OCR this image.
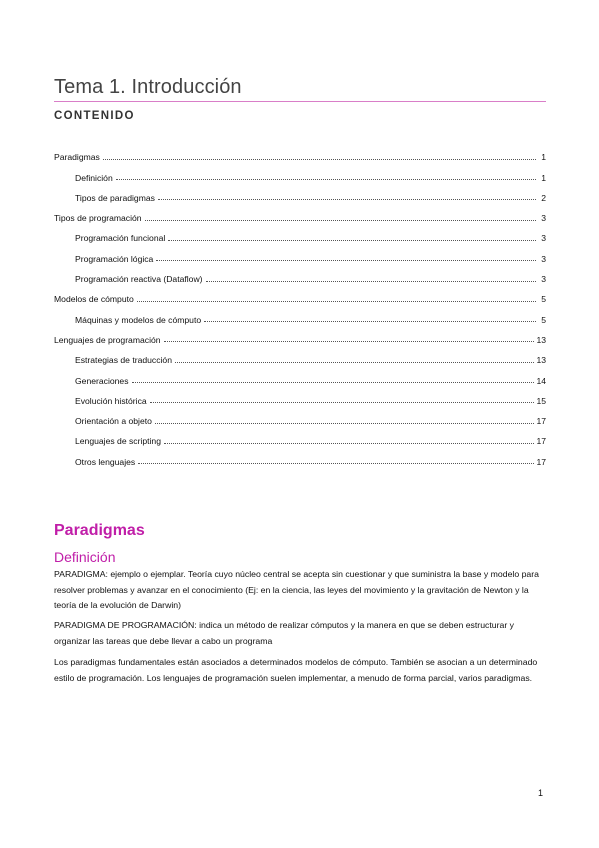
Tema 1. Introducción
CONTENIDO
Paradigmas	1
Definición	1
Tipos de paradigmas	2
Tipos de programación	3
Programación funcional	3
Programación lógica	3
Programación reactiva (Dataflow)	3
Modelos de cómputo	5
Máquinas y modelos de cómputo	5
Lenguajes de programación	13
Estrategias de traducción	13
Generaciones	14
Evolución histórica	15
Orientación a objeto	17
Lenguajes de scripting	17
Otros lenguajes	17
Paradigmas
Definición
PARADIGMA: ejemplo o ejemplar. Teoría cuyo núcleo central se acepta sin cuestionar y que suministra la base y modelo para resolver problemas y avanzar en el conocimiento (Ej: en la ciencia, las leyes del movimiento y la gravitación de Newton y la teoría de la evolución de Darwin)
PARADIGMA DE PROGRAMACIÓN: indica un método de realizar cómputos y la manera en que se deben estructurar y organizar las tareas que debe llevar a cabo un programa
Los paradigmas fundamentales están asociados a determinados modelos de cómputo. También se asocian a un determinado estilo de programación. Los lenguajes de programación suelen implementar, a menudo de forma parcial, varios paradigmas.
1
